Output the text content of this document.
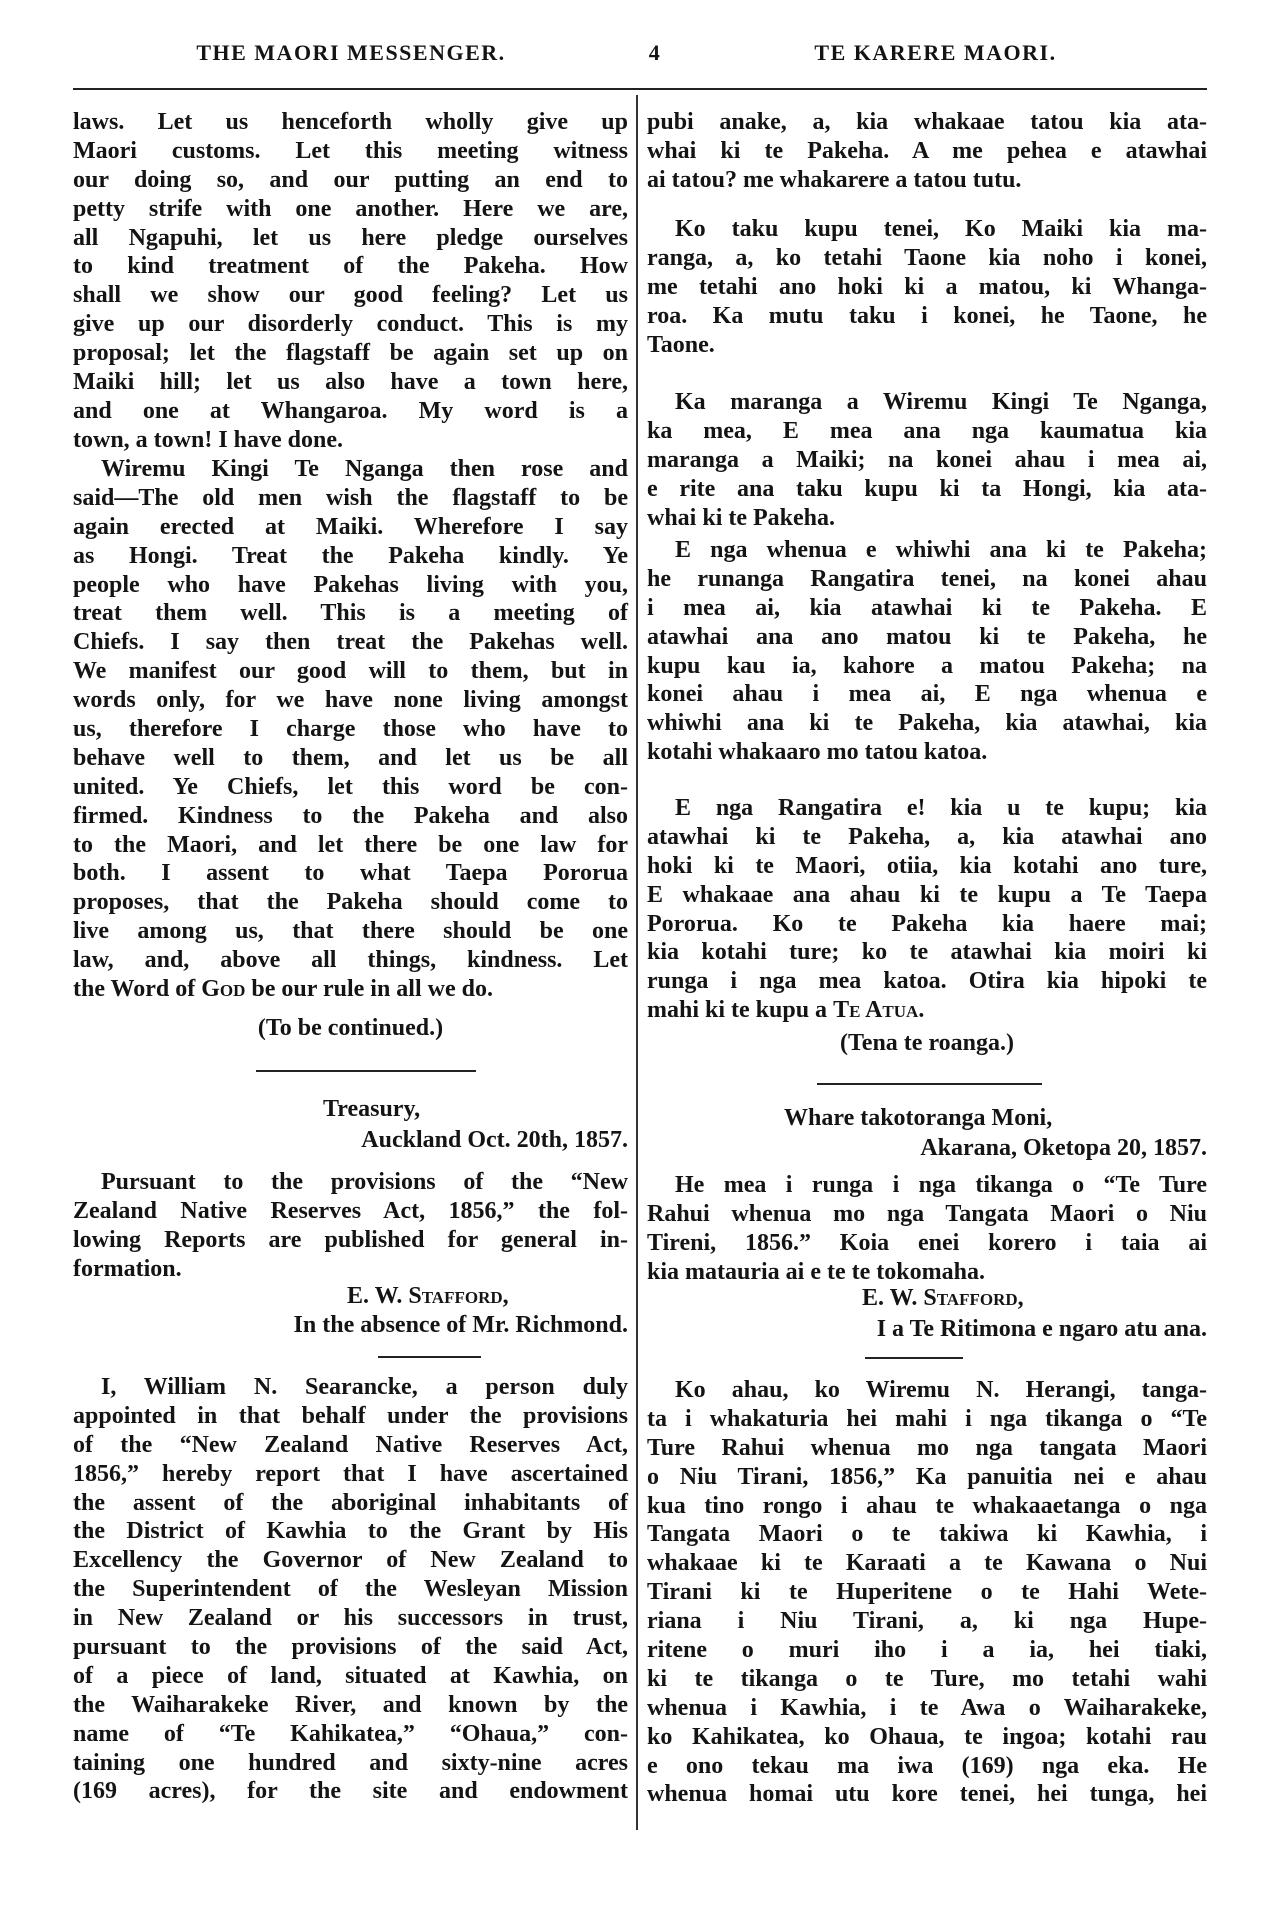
THE MAORI MESSENGER.	4	TE KARERE MAORI.
laws. Let us henceforth wholly give up
Maori customs. Let this meeting witness
our doing so, and our putting an end to
petty strife with one another. Here we are,
all Ngapuhi, let us here pledge ourselves
to kind treatment of the Pakeha. How
shall we show our good feeling? Let us
give up our disorderly conduct. This is my
proposal; let the flagstaff be again set up on
Maiki hill; let us also have a town here,
and one at Whangaroa. My word is a
town, a town! I have done.
Wiremu Kingi Te Nganga then rose and
said—The old men wish the flagstaff to be
again erected at Maiki. Wherefore I say
as Hongi. Treat the Pakeha kindly. Ye
people who have Pakehas living with you,
treat them well. This is a meeting of
Chiefs. I say then treat the Pakehas well.
We manifest our good will to them, but in
words only, for we have none living amongst
us, therefore I charge those who have to
behave well to them, and let us be all
united. Ye Chiefs, let this word be con-
firmed. Kindness to the Pakeha and also
to the Maori, and let there be one law for
both. I assent to what Taepa Pororua
proposes, that the Pakeha should come to
live among us, that there should be one
law, and, above all things, kindness. Let
the Word of God be our rule in all we do.
(To be continued.)
Treasury,
Auckland Oct. 20th, 1857.
Pursuant to the provisions of the “New
Zealand Native Reserves Act, 1856,” the fol-
lowing Reports are published for general in-
formation.
E. W. Stafford,
In the absence of Mr. Richmond.
I, William N. Searancke, a person duly
appointed in that behalf under the provisions
of the “New Zealand Native Reserves Act,
1856,” hereby report that I have ascertained
the assent of the aboriginal inhabitants of
the District of Kawhia to the Grant by His
Excellency the Governor of New Zealand to
the Superintendent of the Wesleyan Mission
in New Zealand or his successors in trust,
pursuant to the provisions of the said Act,
of a piece of land, situated at Kawhia, on
the Waiharakeke River, and known by the
name of “Te Kahikatea,” “Ohaua,” con-
taining one hundred and sixty-nine acres
(169 acres), for the site and endowment
pubi anake, a, kia whakaae tatou kia ata-
whai ki te Pakeha. A me pehea e atawhai
ai tatou? me whakarere a tatou tutu.
Ko taku kupu tenei, Ko Maiki kia ma-
ranga, a, ko tetahi Taone kia noho i konei,
me tetahi ano hoki ki a matou, ki Whanga-
roa. Ka mutu taku i konei, he Taone, he
Taone.
Ka maranga a Wiremu Kingi Te Nganga,
ka mea, E mea ana nga kaumatua kia
maranga a Maiki; na konei ahau i mea ai,
e rite ana taku kupu ki ta Hongi, kia ata-
whai ki te Pakeha.
E nga whenua e whiwhi ana ki te Pakeha;
he runanga Rangatira tenei, na konei ahau
i mea ai, kia atawhai ki te Pakeha. E
atawhai ana ano matou ki te Pakeha, he
kupu kau ia, kahore a matou Pakeha; na
konei ahau i mea ai, E nga whenua e
whiwhi ana ki te Pakeha, kia atawhai, kia
kotahi whakaaro mo tatou katoa.
E nga Rangatira e! kia u te kupu; kia
atawhai ki te Pakeha, a, kia atawhai ano
hoki ki te Maori, otiia, kia kotahi ano ture,
E whakaae ana ahau ki te kupu a Te Taepa
Pororua. Ko te Pakeha kia haere mai;
kia kotahi ture; ko te atawhai kia moiri ki
runga i nga mea katoa. Otira kia hipoki te
mahi ki te kupu a Te Atua.
(Tena te roanga.)
Whare takotoranga Moni,
Akarana, Oketopa 20, 1857.
He mea i runga i nga tikanga o “Te Ture
Rahui whenua mo nga Tangata Maori o Niu
Tireni, 1856.” Koia enei korero i taia ai
kia matauria ai e te te tokomaha.
E. W. Stafford,
I a Te Ritimona e ngaro atu ana.
Ko ahau, ko Wiremu N. Herangi, tanga-
ta i whakaturia hei mahi i nga tikanga o “Te
Ture Rahui whenua mo nga tangata Maori
o Niu Tirani, 1856,” Ka panuitia nei e ahau
kua tino rongo i ahau te whakaaetanga o nga
Tangata Maori o te takiwa ki Kawhia, i
whakaae ki te Karaati a te Kawana o Nui
Tirani ki te Huperitene o te Hahi Wete-
riana i Niu Tirani, a, ki nga Hupe-
ritene o muri iho i a ia, hei tiaki,
ki te tikanga o te Ture, mo tetahi wahi
whenua i Kawhia, i te Awa o Waiharakeke,
ko Kahikatea, ko Ohaua, te ingoa; kotahi rau
e ono tekau ma iwa (169) nga eka. He
whenua homai utu kore tenei, hei tunga, hei
